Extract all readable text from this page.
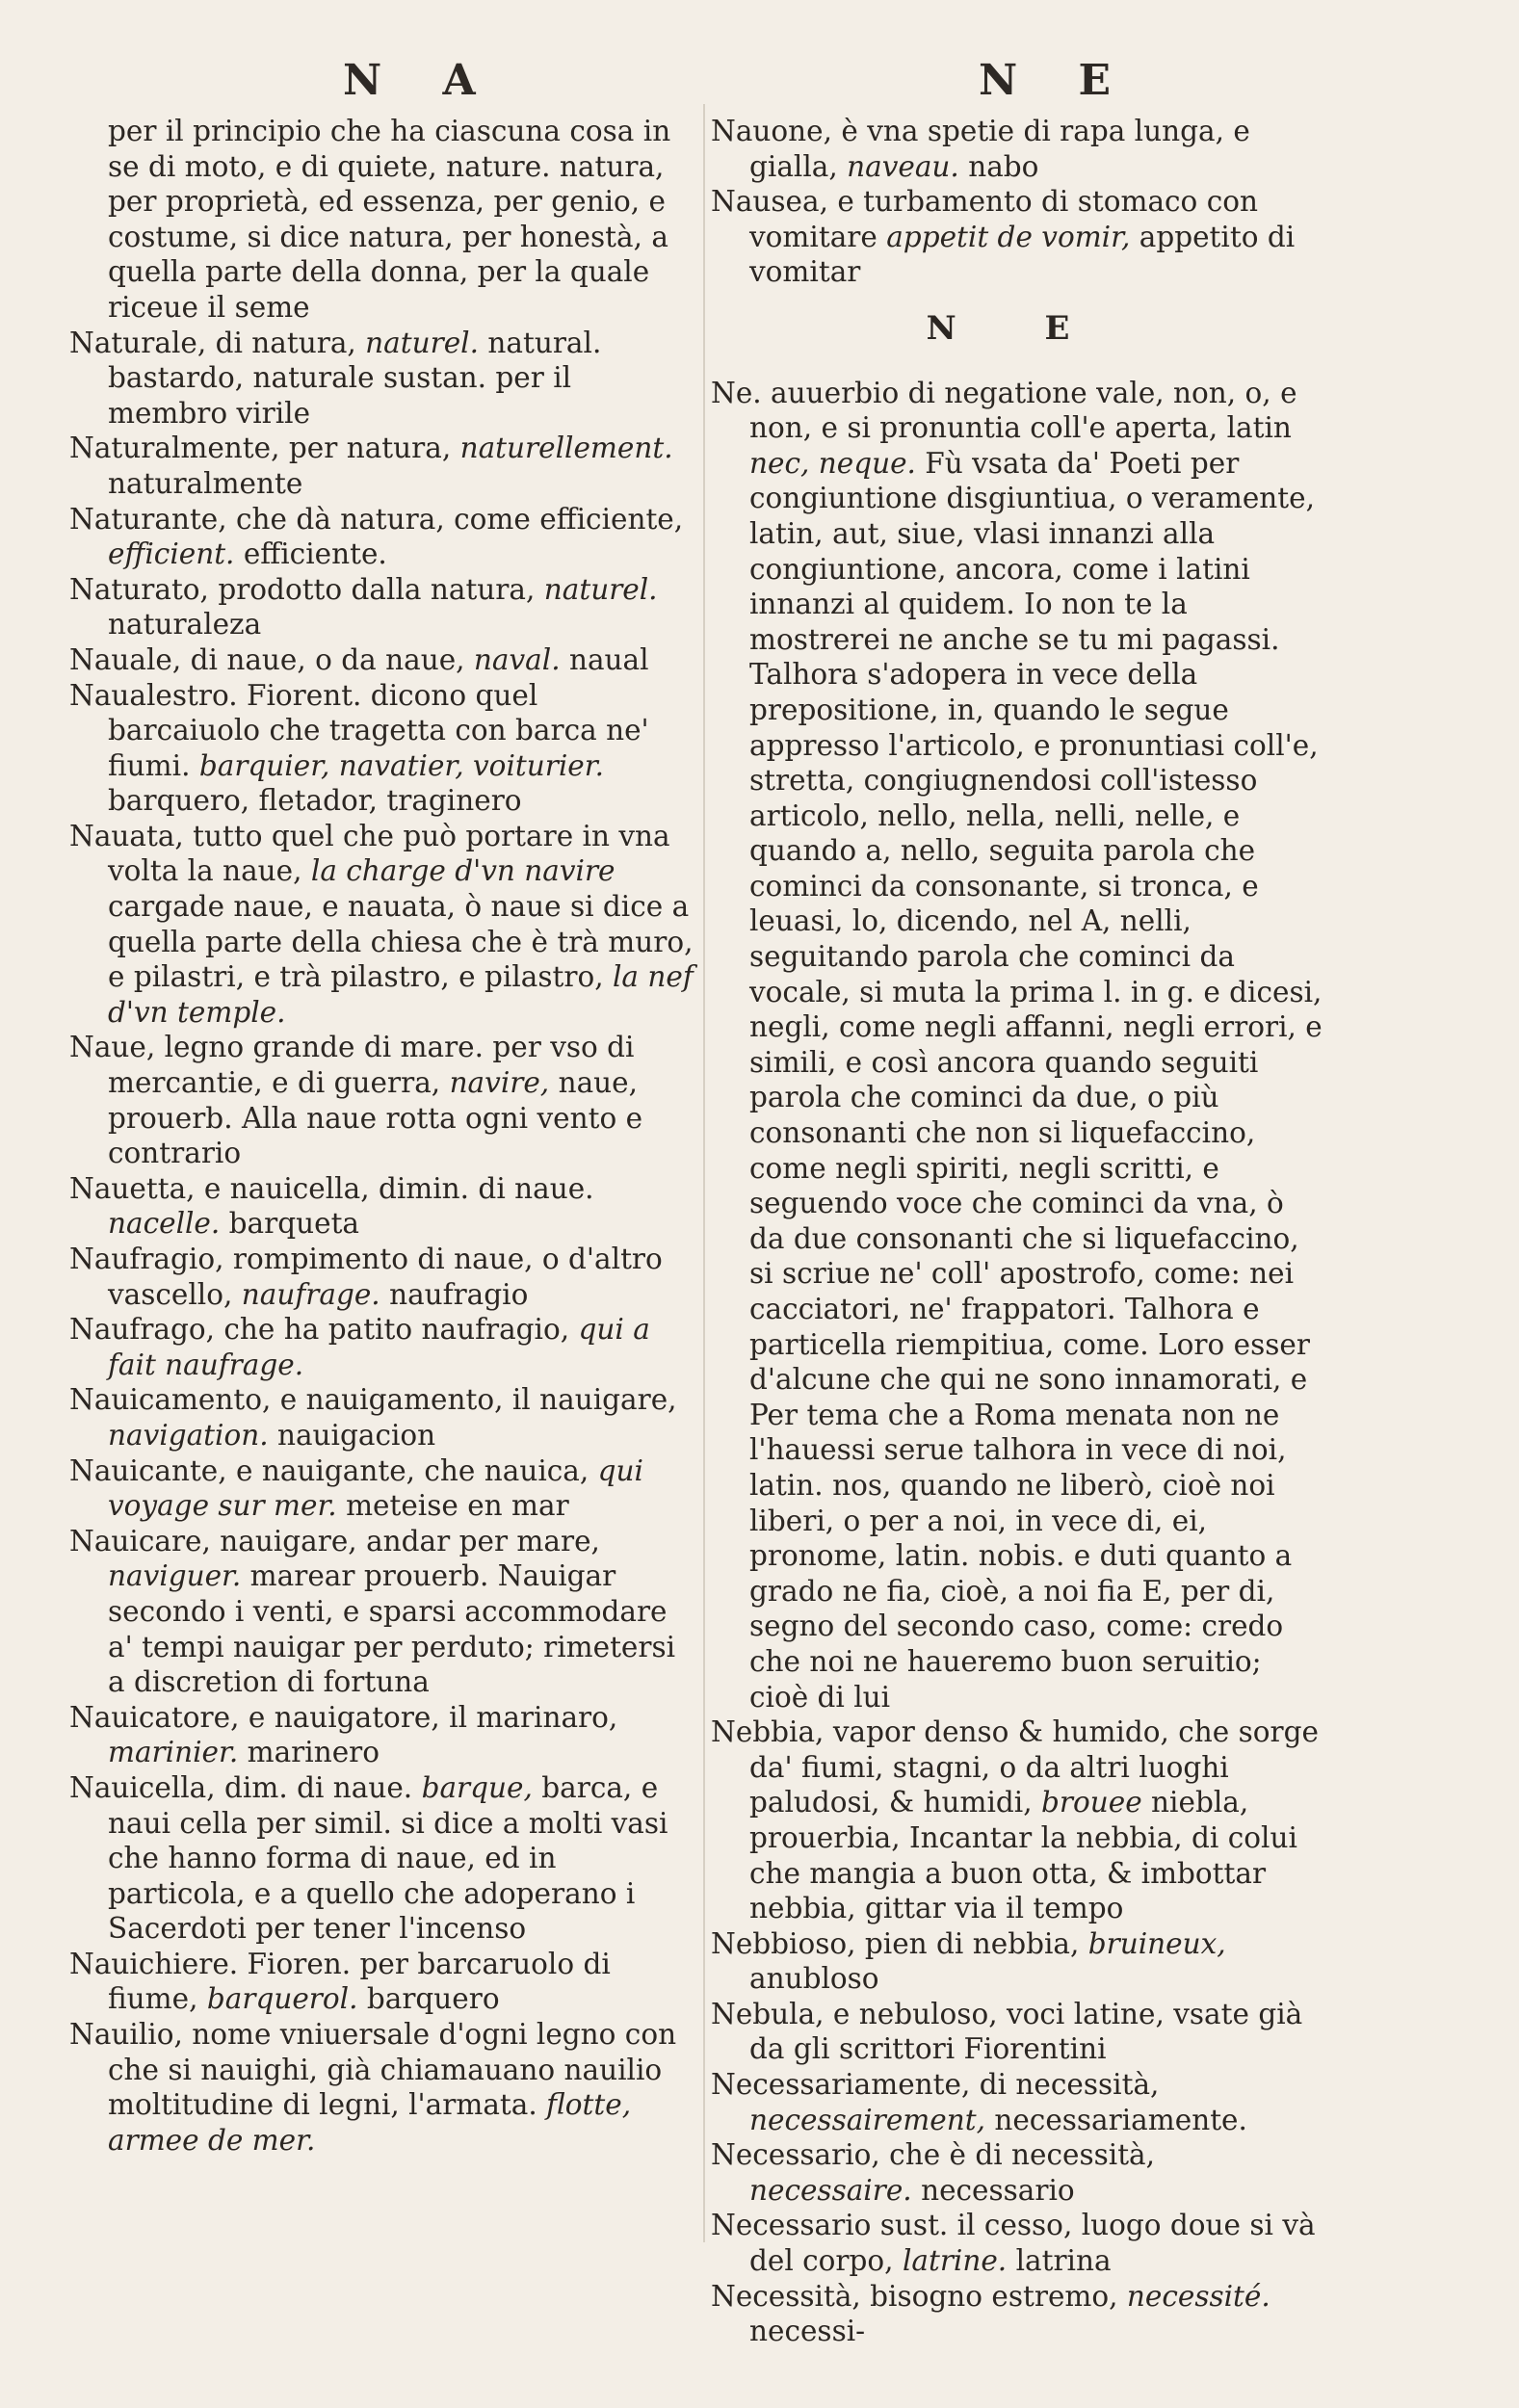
N A	N E

per il principio che ha ciascuna cosa in se di moto, e di quiete, nature. natura, per proprietà, ed essenza, per genio, e costume, si dice natura, per honestà, a quella parte della donna, per la quale riceue il seme

Naturale, di natura, naturel. natural. bastardo, naturale sustan. per il membro virile

Naturalmente, per natura, naturellement. naturalmente

Naturante, che dà natura, come efficiente, efficient. efficiente.

Naturato, prodotto dalla natura, naturel. naturaleza

Nauale, di naue, o da naue, naval. naual

Naualestro. Fiorent. dicono quel barcaiuolo che tragetta con barca ne' fiumi. barquier, navatier, voiturier. barquero, fletador, traginero

Nauata, tutto quel che può portare in vna volta la naue, la charge d'vn navire cargade naue, e nauata, ò naue si dice a quella parte della chiesa che è trà muro, e pilastri, e trà pilastro, e pilastro, la nef d'vn temple.

Naue, legno grande di mare. per vso di mercantie, e di guerra, navire, naue, prouerb. Alla naue rotta ogni vento e contrario

Nauetta, e nauicella, dimin. di naue. nacelle. barqueta

Naufragio, rompimento di naue, o d'altro vascello, naufrage. naufragio

Naufrago, che ha patito naufragio, qui a fait naufrage.

Nauicamento, e nauigamento, il nauigare, navigation. nauigacion

Nauicante, e nauigante, che nauica, qui voyage sur mer. meteise en mar

Nauicare, nauigare, andar per mare, naviguer. marear prouerb. Nauigar secondo i venti, e sparsi accommodare a' tempi nauigar per perduto; rimetersi a discretion di fortuna

Nauicatore, e nauigatore, il marinaro, marinier. marinero

Nauicella, dim. di naue. barque, barca, e naui cella per simil. si dice a molti vasi che hanno forma di naue, ed in particola, e a quello che adoperano i Sacerdoti per tener l'incenso

Nauichiere. Fioren. per barcaruolo di fiume, barquerol. barquero

Nauilio, nome vniuersale d'ogni legno con che si nauighi, già chiamauano nauilio moltitudine di legni, l'armata. flotte, armee de mer.

Nauone, è vna spetie di rapa lunga, e gialla, naveau. nabo

Nausea, e turbamento di stomaco con vomitare appetit de vomir, appetito di vomitar

N E

Ne. auuerbio di negatione vale, non, o, e non, e si pronuntia coll'e aperta, latin nec, neque. Fù vsata da' Poeti per congiuntione disgiuntiua, o veramente, latin, aut, siue, vlasi innanzi alla congiuntione, ancora, come i latini innanzi al quidem. Io non te la mostrerei ne anche se tu mi pagassi. Talhora s'adopera in vece della prepositione, in, quando le segue appresso l'articolo, e pronuntiasi coll'e, stretta, congiugnendosi coll'istesso articolo, nello, nella, nelli, nelle, e quando a, nello, seguita parola che cominci da consonante, si tronca, e leuasi, lo, dicendo, nel A, nelli, seguitando parola che cominci da vocale, si muta la prima l. in g. e dicesi, negli, come negli affanni, negli errori, e simili, e così ancora quando seguiti parola che cominci da due, o più consonanti che non si liquefaccino, come negli spiriti, negli scritti, e seguendo voce che cominci da vna, ò da due consonanti che si liquefaccino, si scriue ne' coll' apostrofo, come: nei cacciatori, ne' frappatori. Talhora e particella riempitiua, come. Loro esser d'alcune che qui ne sono innamorati, e Per tema che a Roma menata non ne l'hauessi serue talhora in vece di noi, latin. nos, quando ne liberò, cioè noi liberi, o per a noi, in vece di, ei, pronome, latin. nobis. e duti quanto a grado ne fia, cioè, a noi fia E, per di, segno del secondo caso, come: credo che noi ne haueremo buon seruitio; cioè di lui

Nebbia, vapor denso & humido, che sorge da' fiumi, stagni, o da altri luoghi paludosi, & humidi, brouee niebla, prouerbia, Incantar la nebbia, di colui che mangia a buon otta, & imbottar nebbia, gittar via il tempo

Nebbioso, pien di nebbia, bruineux, anubloso

Nebula, e nebuloso, voci latine, vsate già da gli scrittori Fiorentini

Necessariamente, di necessità, necessairement, necessariamente.

Necessario, che è di necessità, necessaire. necessario

Necessario sust. il cesso, luogo doue si và del corpo, latrine. latrina

Necessità, bisogno estremo, necessité. necessi-
